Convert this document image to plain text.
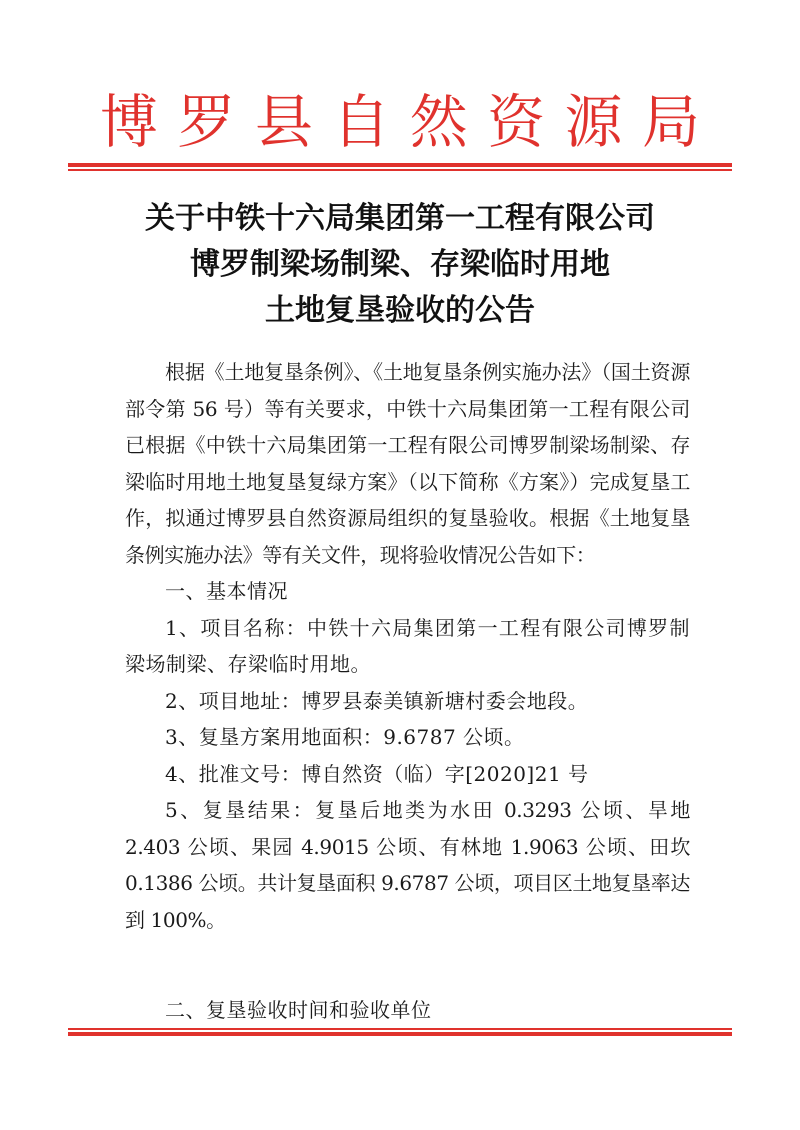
博 罗 县 自 然 资 源 局
关于中铁十六局集团第一工程有限公司
博罗制梁场制梁、存梁临时用地
土地复垦验收的公告

根据《土地复垦条例》、《土地复垦条例实施办法》（国土资源部令第 56 号）等有关要求，中铁十六局集团第一工程有限公司已根据《中铁十六局集团第一工程有限公司博罗制梁场制梁、存梁临时用地土地复垦复绿方案》（以下简称《方案》）完成复垦工作，拟通过博罗县自然资源局组织的复垦验收。根据《土地复垦条例实施办法》等有关文件，现将验收情况公告如下：

一、基本情况

1、项目名称：中铁十六局集团第一工程有限公司博罗制梁场制梁、存梁临时用地。

2、项目地址：博罗县泰美镇新塘村委会地段。

3、复垦方案用地面积：9.6787 公顷。

4、批准文号：博自然资（临）字[2020]21 号

5、复垦结果：复垦后地类为水田 0.3293 公顷、旱地 2.403 公顷、果园 4.9015 公顷、有林地 1.9063 公顷、田坎 0.1386 公顷。共计复垦面积 9.6787 公顷，项目区土地复垦率达到 100%。

二、复垦验收时间和验收单位
